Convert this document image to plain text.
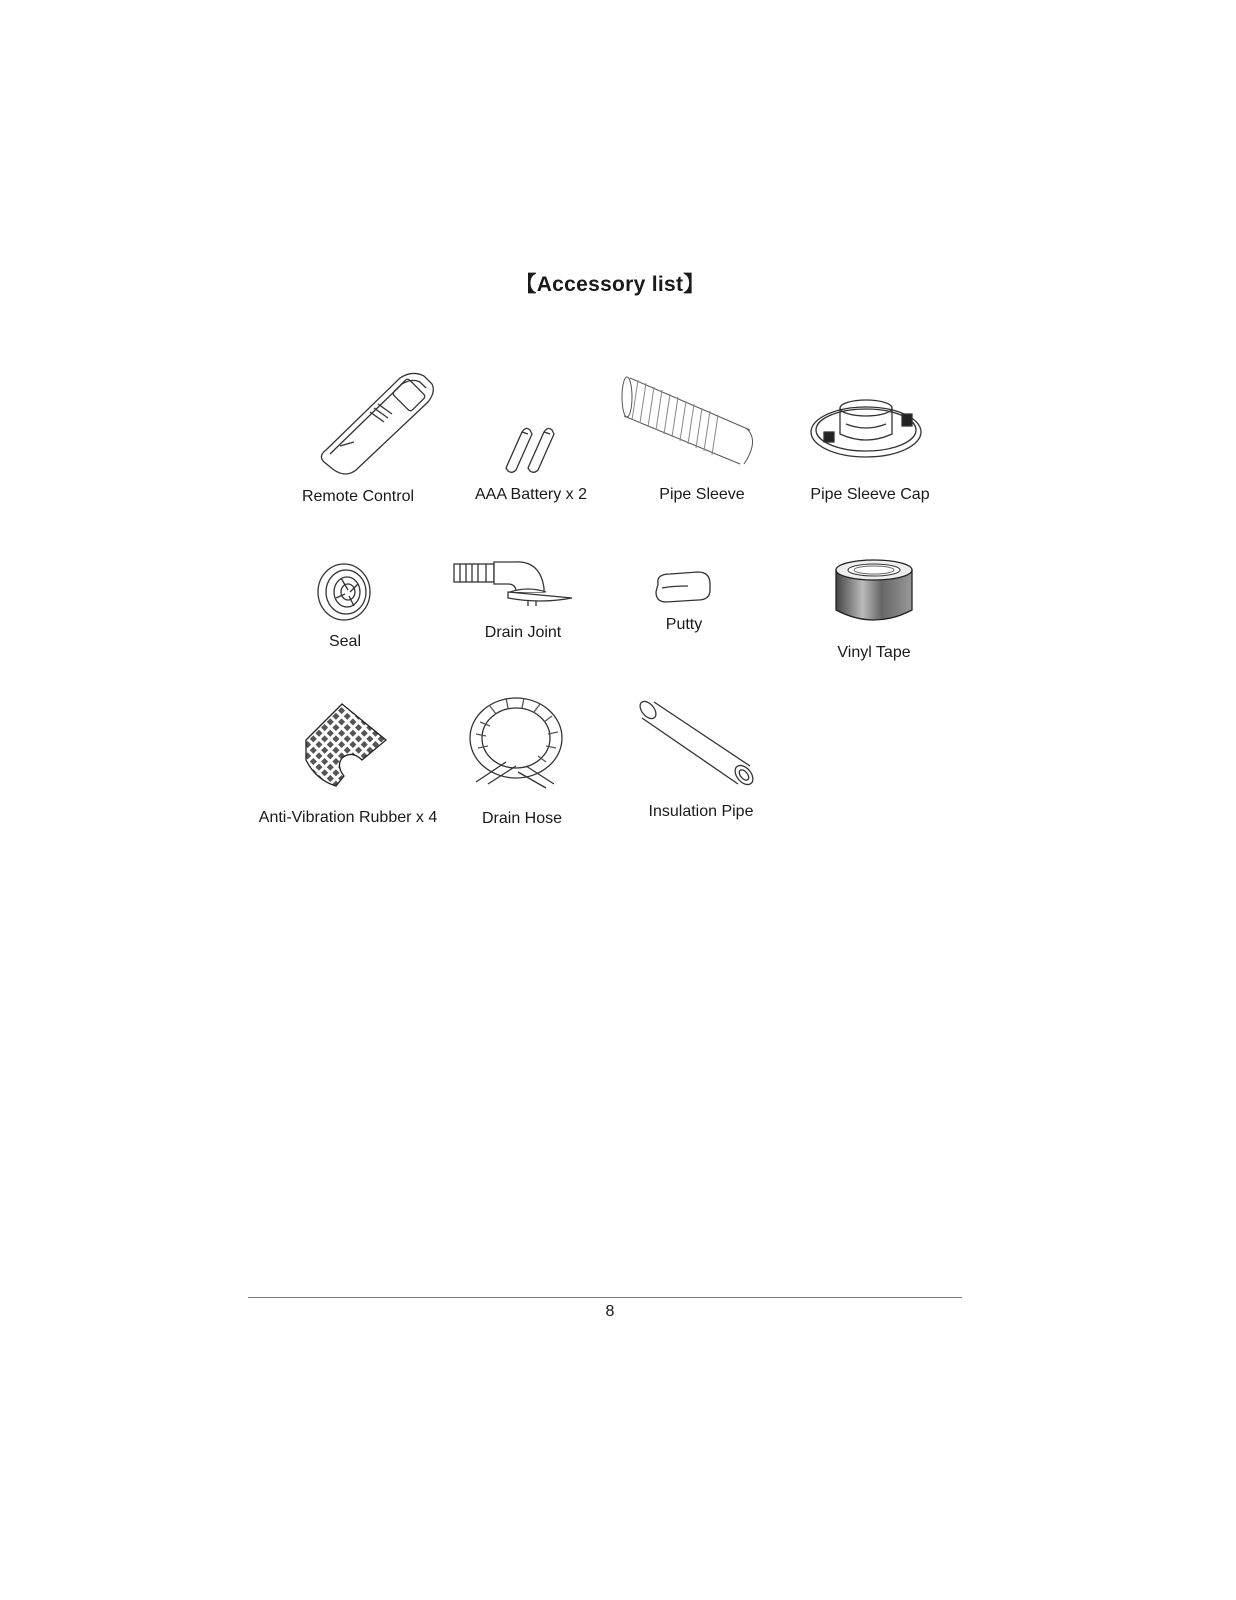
【Accessory list】
Remote Control	AAA Battery x 2	Pipe Sleeve	Pipe Sleeve Cap
Seal
Drain Joint	Putty
Vinyl Tape
Anti-Vibration Rubber x 4	Drain Hose	Insulation Pipe
8
